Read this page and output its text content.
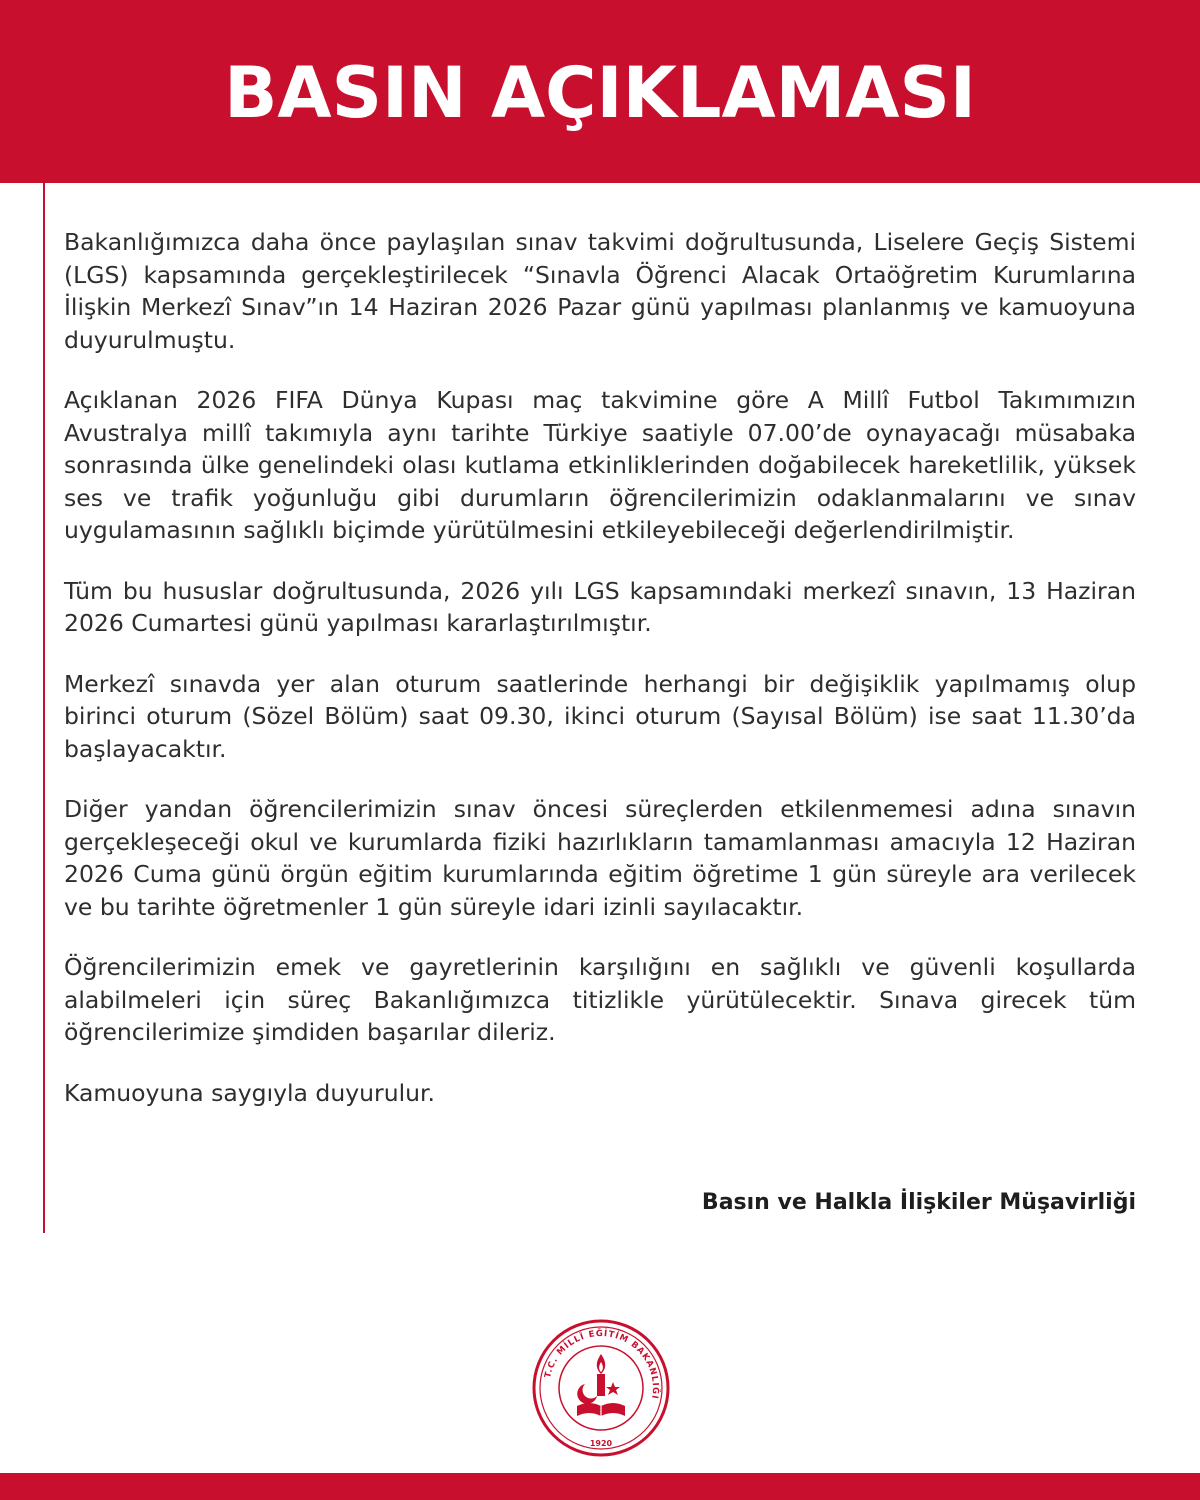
BASIN AÇIKLAMASI

Bakanlığımızca daha önce paylaşılan sınav takvimi doğrultusunda, Liselere Geçiş Sistemi (LGS) kapsamında gerçekleştirilecek “Sınavla Öğrenci Alacak Ortaöğretim Kurumlarına İlişkin Merkezî Sınav”ın 14 Haziran 2026 Pazar günü yapılması planlanmış ve kamuoyuna duyurulmuştu.

Açıklanan 2026 FIFA Dünya Kupası maç takvimine göre A Millî Futbol Takımımızın Avustralya millî takımıyla aynı tarihte Türkiye saatiyle 07.00’de oynayacağı müsabaka sonrasında ülke genelindeki olası kutlama etkinliklerinden doğabilecek hareketlilik, yüksek ses ve trafik yoğunluğu gibi durumların öğrencilerimizin odaklanmalarını ve sınav uygulamasının sağlıklı biçimde yürütülmesini etkileyebileceği değerlendirilmiştir.

Tüm bu hususlar doğrultusunda, 2026 yılı LGS kapsamındaki merkezî sınavın, 13 Haziran 2026 Cumartesi günü yapılması kararlaştırılmıştır.

Merkezî sınavda yer alan oturum saatlerinde herhangi bir değişiklik yapılmamış olup birinci oturum (Sözel Bölüm) saat 09.30, ikinci oturum (Sayısal Bölüm) ise saat 11.30’da başlayacaktır.

Diğer yandan öğrencilerimizin sınav öncesi süreçlerden etkilenmemesi adına sınavın gerçekleşeceği okul ve kurumlarda fiziki hazırlıkların tamamlanması amacıyla 12 Haziran 2026 Cuma günü örgün eğitim kurumlarında eğitim öğretime 1 gün süreyle ara verilecek ve bu tarihte öğretmenler 1 gün süreyle idari izinli sayılacaktır.

Öğrencilerimizin emek ve gayretlerinin karşılığını en sağlıklı ve güvenli koşullarda alabilmeleri için süreç Bakanlığımızca titizlikle yürütülecektir. Sınava girecek tüm öğrencilerimize şimdiden başarılar dileriz.

Kamuoyuna saygıyla duyurulur.

Basın ve Halkla İlişkiler Müşavirliği
T.C. MİLLÎ EĞİTİM BAKANLIĞI
1920
